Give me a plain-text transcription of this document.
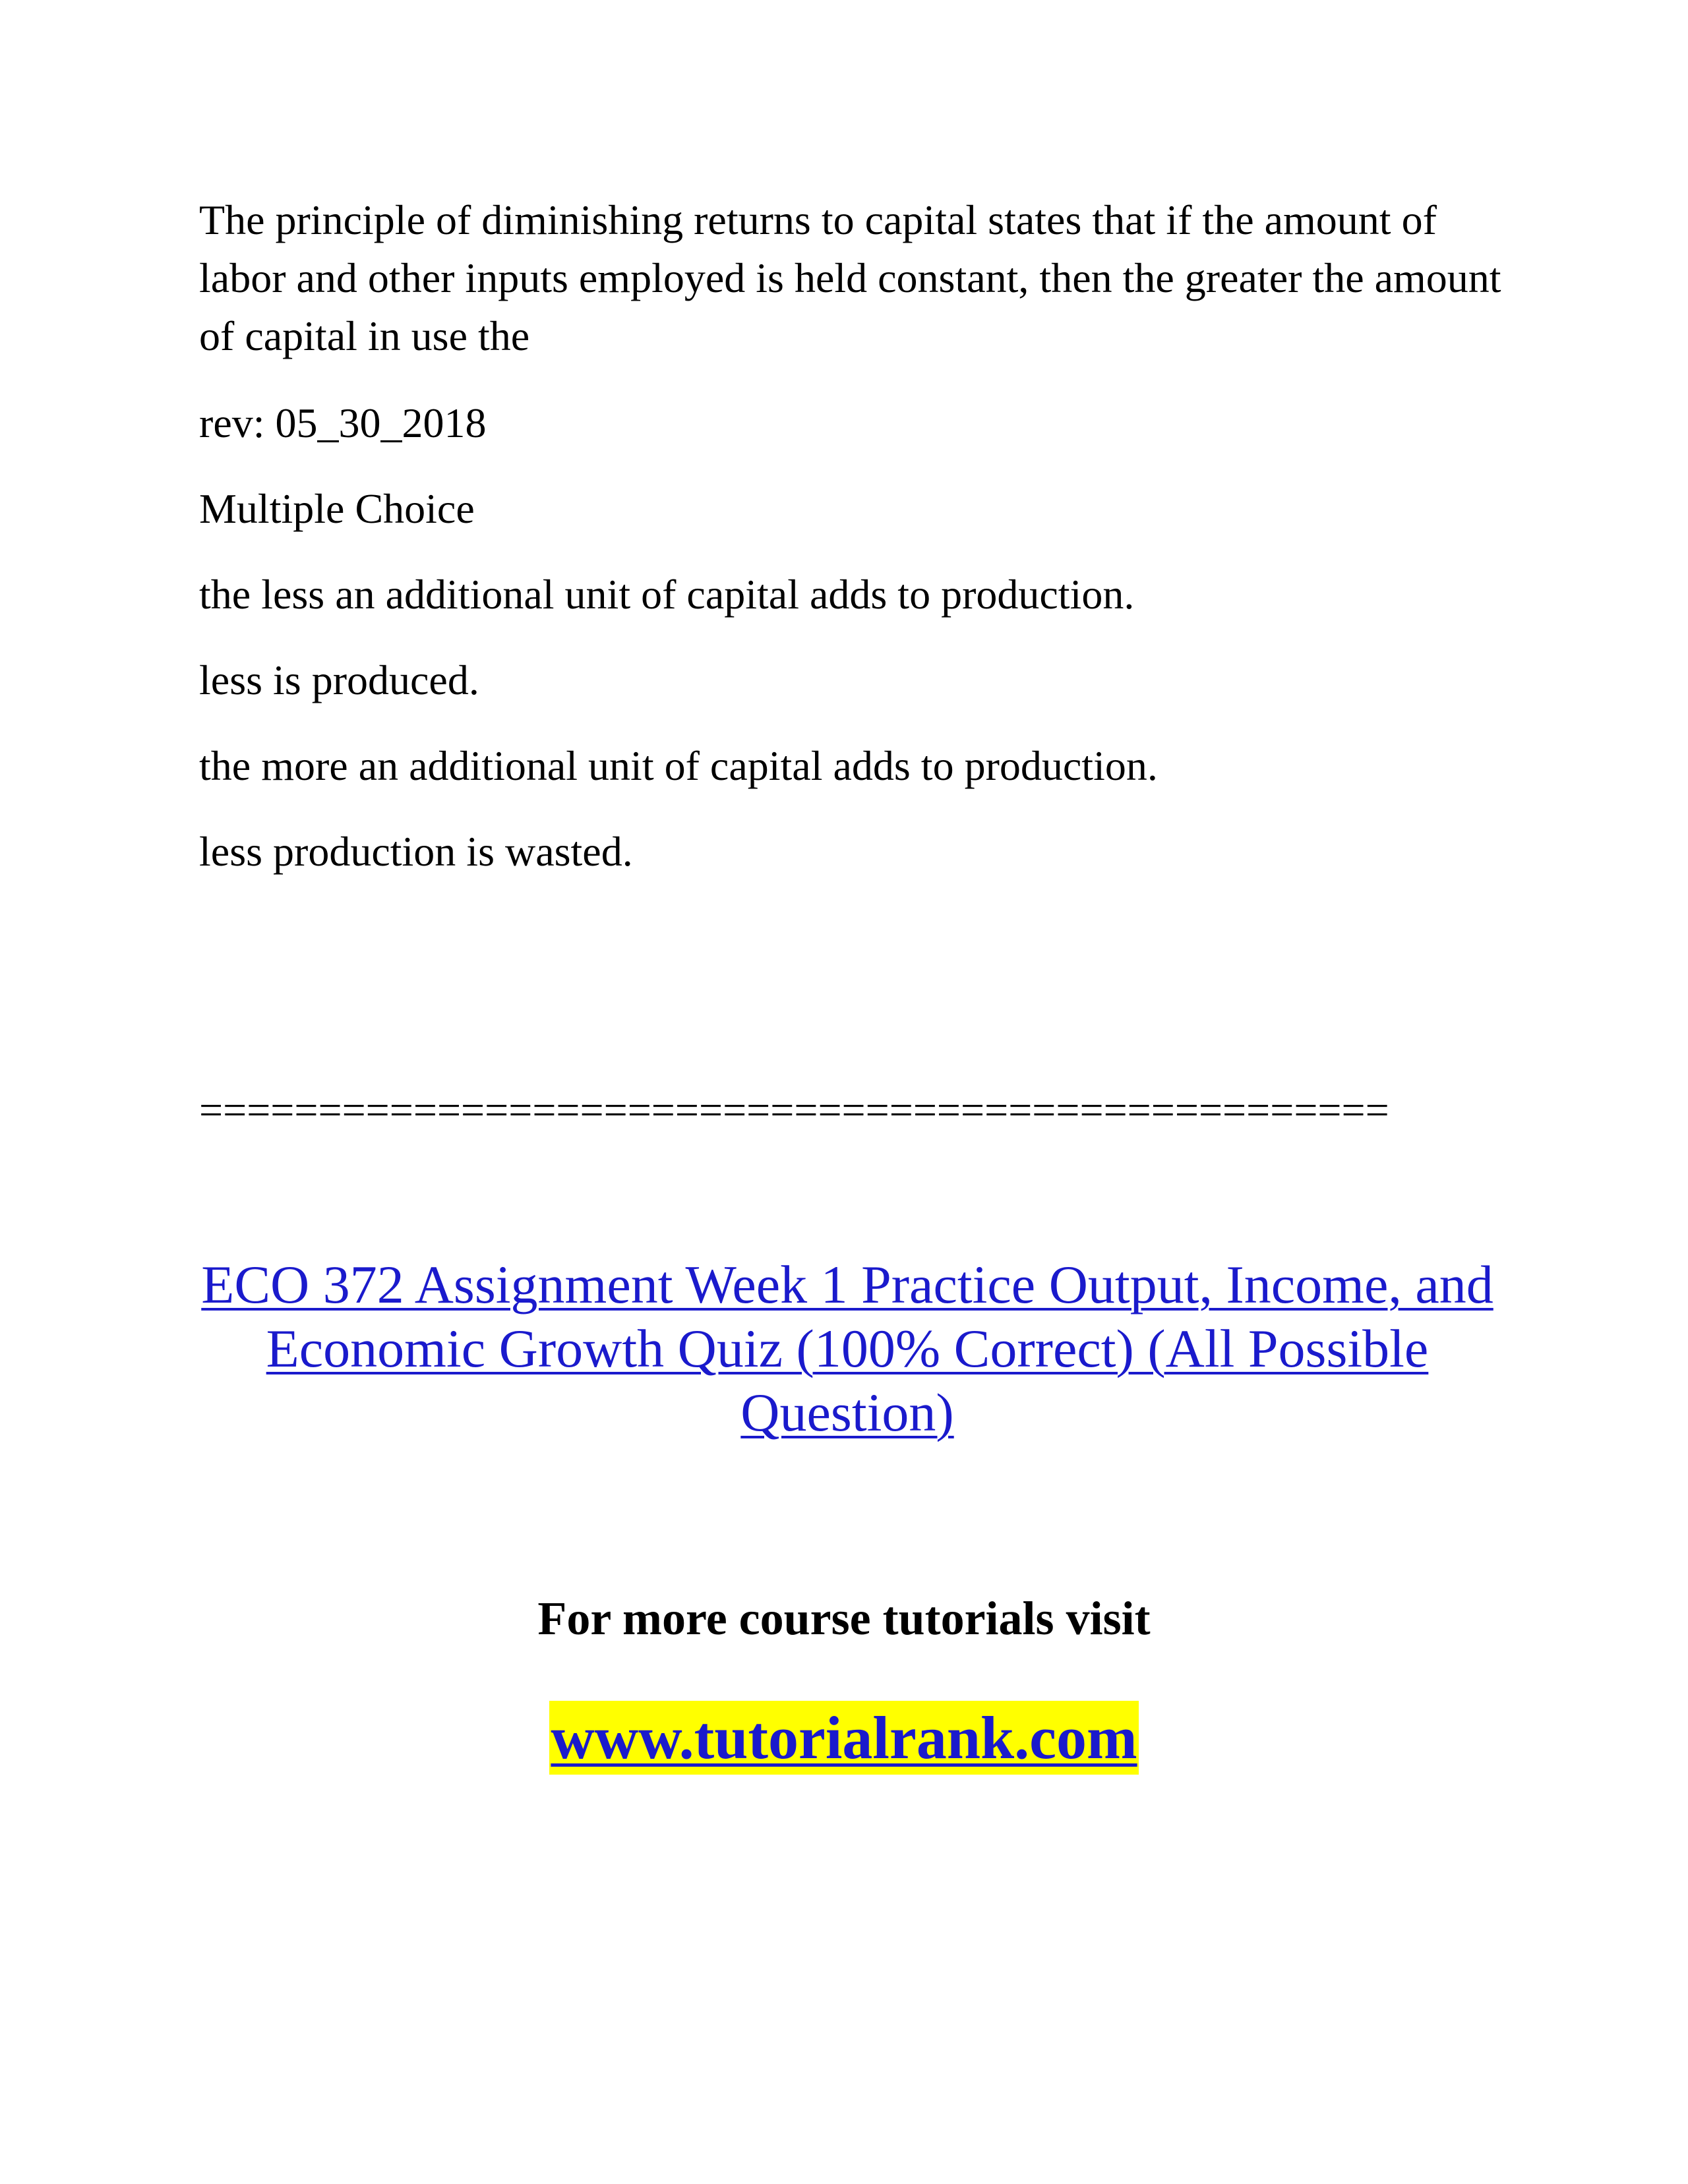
The principle of diminishing returns to capital states that if the amount of labor and other inputs employed is held constant, then the greater the amount of capital in use the

rev: 05_30_2018

Multiple Choice

the less an additional unit of capital adds to production.

less is produced.

the more an additional unit of capital adds to production.

less production is wasted.

==================================================
ECO 372 Assignment Week 1 Practice Output, Income, and Economic Growth Quiz (100% Correct) (All Possible Question)
For more course tutorials visit
www.tutorialrank.com
